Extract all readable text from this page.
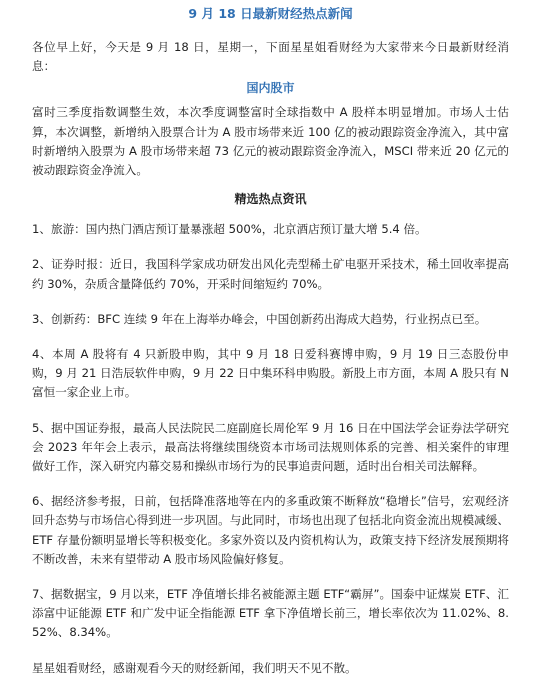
9 月 18 日最新财经热点新闻

各位早上好，今天是 9 月 18 日，星期一，下面星星姐看财经为大家带来今日最新财经消息：

国内股市

富时三季度指数调整生效，本次季度调整富时全球指数中 A 股样本明显增加。市场人士估算，本次调整，新增纳入股票合计为 A 股市场带来近 100 亿的被动跟踪资金净流入，其中富时新增纳入股票为 A 股市场带来超 73 亿元的被动跟踪资金净流入，MSCI 带来近 20 亿元的被动跟踪资金净流入。

精选热点资讯

1、旅游：国内热门酒店预订量暴涨超 500%，北京酒店预订量大增 5.4 倍。

2、证券时报：近日，我国科学家成功研发出风化壳型稀土矿电驱开采技术，稀土回收率提高约 30%，杂质含量降低约 70%，开采时间缩短约 70%。

3、创新药：BFC 连续 9 年在上海举办峰会，中国创新药出海成大趋势，行业拐点已至。

4、本周 A 股将有 4 只新股申购，其中 9 月 18 日爱科赛博申购，9 月 19 日三态股份申购，9 月 21 日浩辰软件申购，9 月 22 日中集环科申购股。新股上市方面，本周 A 股只有 N 富恒一家企业上市。

5、据中国证券报，最高人民法院民二庭副庭长周伦军 9 月 16 日在中国法学会证券法学研究会 2023 年年会上表示，最高法将继续围绕资本市场司法规则体系的完善、相关案件的审理做好工作，深入研究内幕交易和操纵市场行为的民事追责问题，适时出台相关司法解释。

6、据经济参考报，日前，包括降准落地等在内的多重政策不断释放“稳增长”信号，宏观经济回升态势与市场信心得到进一步巩固。与此同时，市场也出现了包括北向资金流出规模减缓、ETF 存量份额明显增长等积极变化。多家外资以及内资机构认为，政策支持下经济发展预期将不断改善，未来有望带动 A 股市场风险偏好修复。

7、据数据宝，9 月以来，ETF 净值增长排名被能源主题 ETF“霸屏”。国泰中证煤炭 ETF、汇添富中证能源 ETF 和广发中证全指能源 ETF 拿下净值增长前三，增长率依次为 11.02%、8.52%、8.34%。

星星姐看财经，感谢观看今天的财经新闻，我们明天不见不散。
